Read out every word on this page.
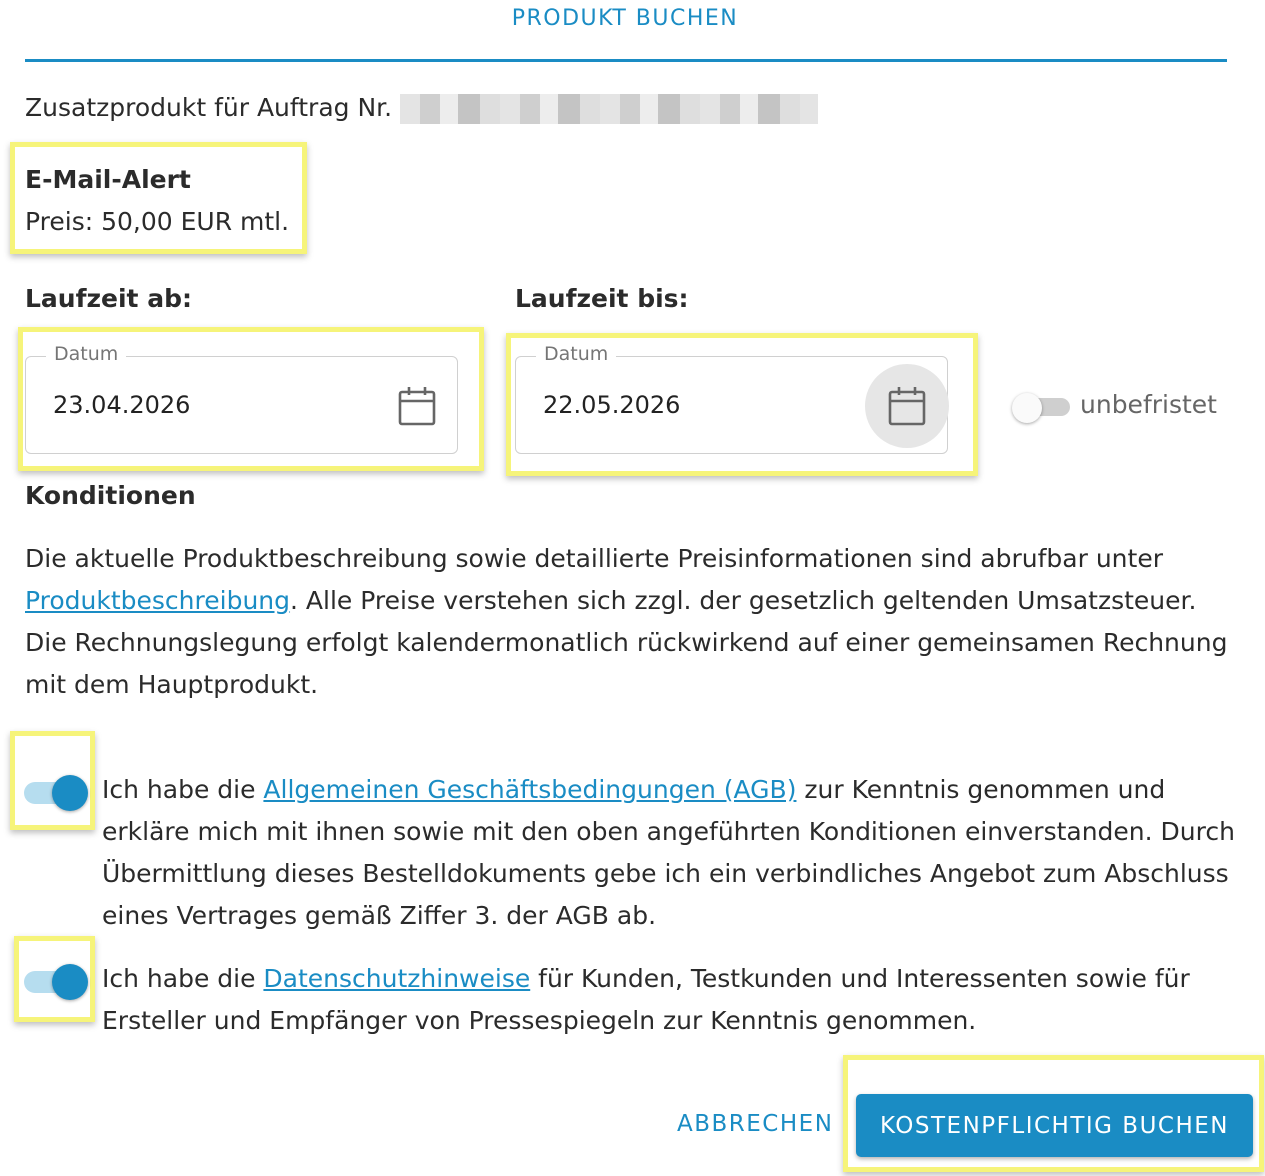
PRODUKT BUCHEN
Zusatzprodukt für Auftrag Nr.
E-Mail-Alert
Preis: 50,00 EUR mtl.
Laufzeit ab:	Laufzeit bis:
Datum
23.04.2026
Datum
22.05.2026	unbefristet
Konditionen
Die aktuelle Produktbeschreibung sowie detaillierte Preisinformationen sind abrufbar unter Produktbeschreibung. Alle Preise verstehen sich zzgl. der gesetzlich geltenden Umsatzsteuer. Die Rechnungslegung erfolgt kalendermonatlich rückwirkend auf einer gemeinsamen Rechnung mit dem Hauptprodukt.
Ich habe die Allgemeinen Geschäftsbedingungen (AGB) zur Kenntnis genommen und erkläre mich mit ihnen sowie mit den oben angeführten Konditionen einverstanden. Durch Übermittlung dieses Bestelldokuments gebe ich ein verbindliches Angebot zum Abschluss eines Vertrages gemäß Ziffer 3. der AGB ab.
Ich habe die Datenschutzhinweise für Kunden, Testkunden und Interessenten sowie für Ersteller und Empfänger von Pressespiegeln zur Kenntnis genommen.
ABBRECHEN	KOSTENPFLICHTIG BUCHEN
